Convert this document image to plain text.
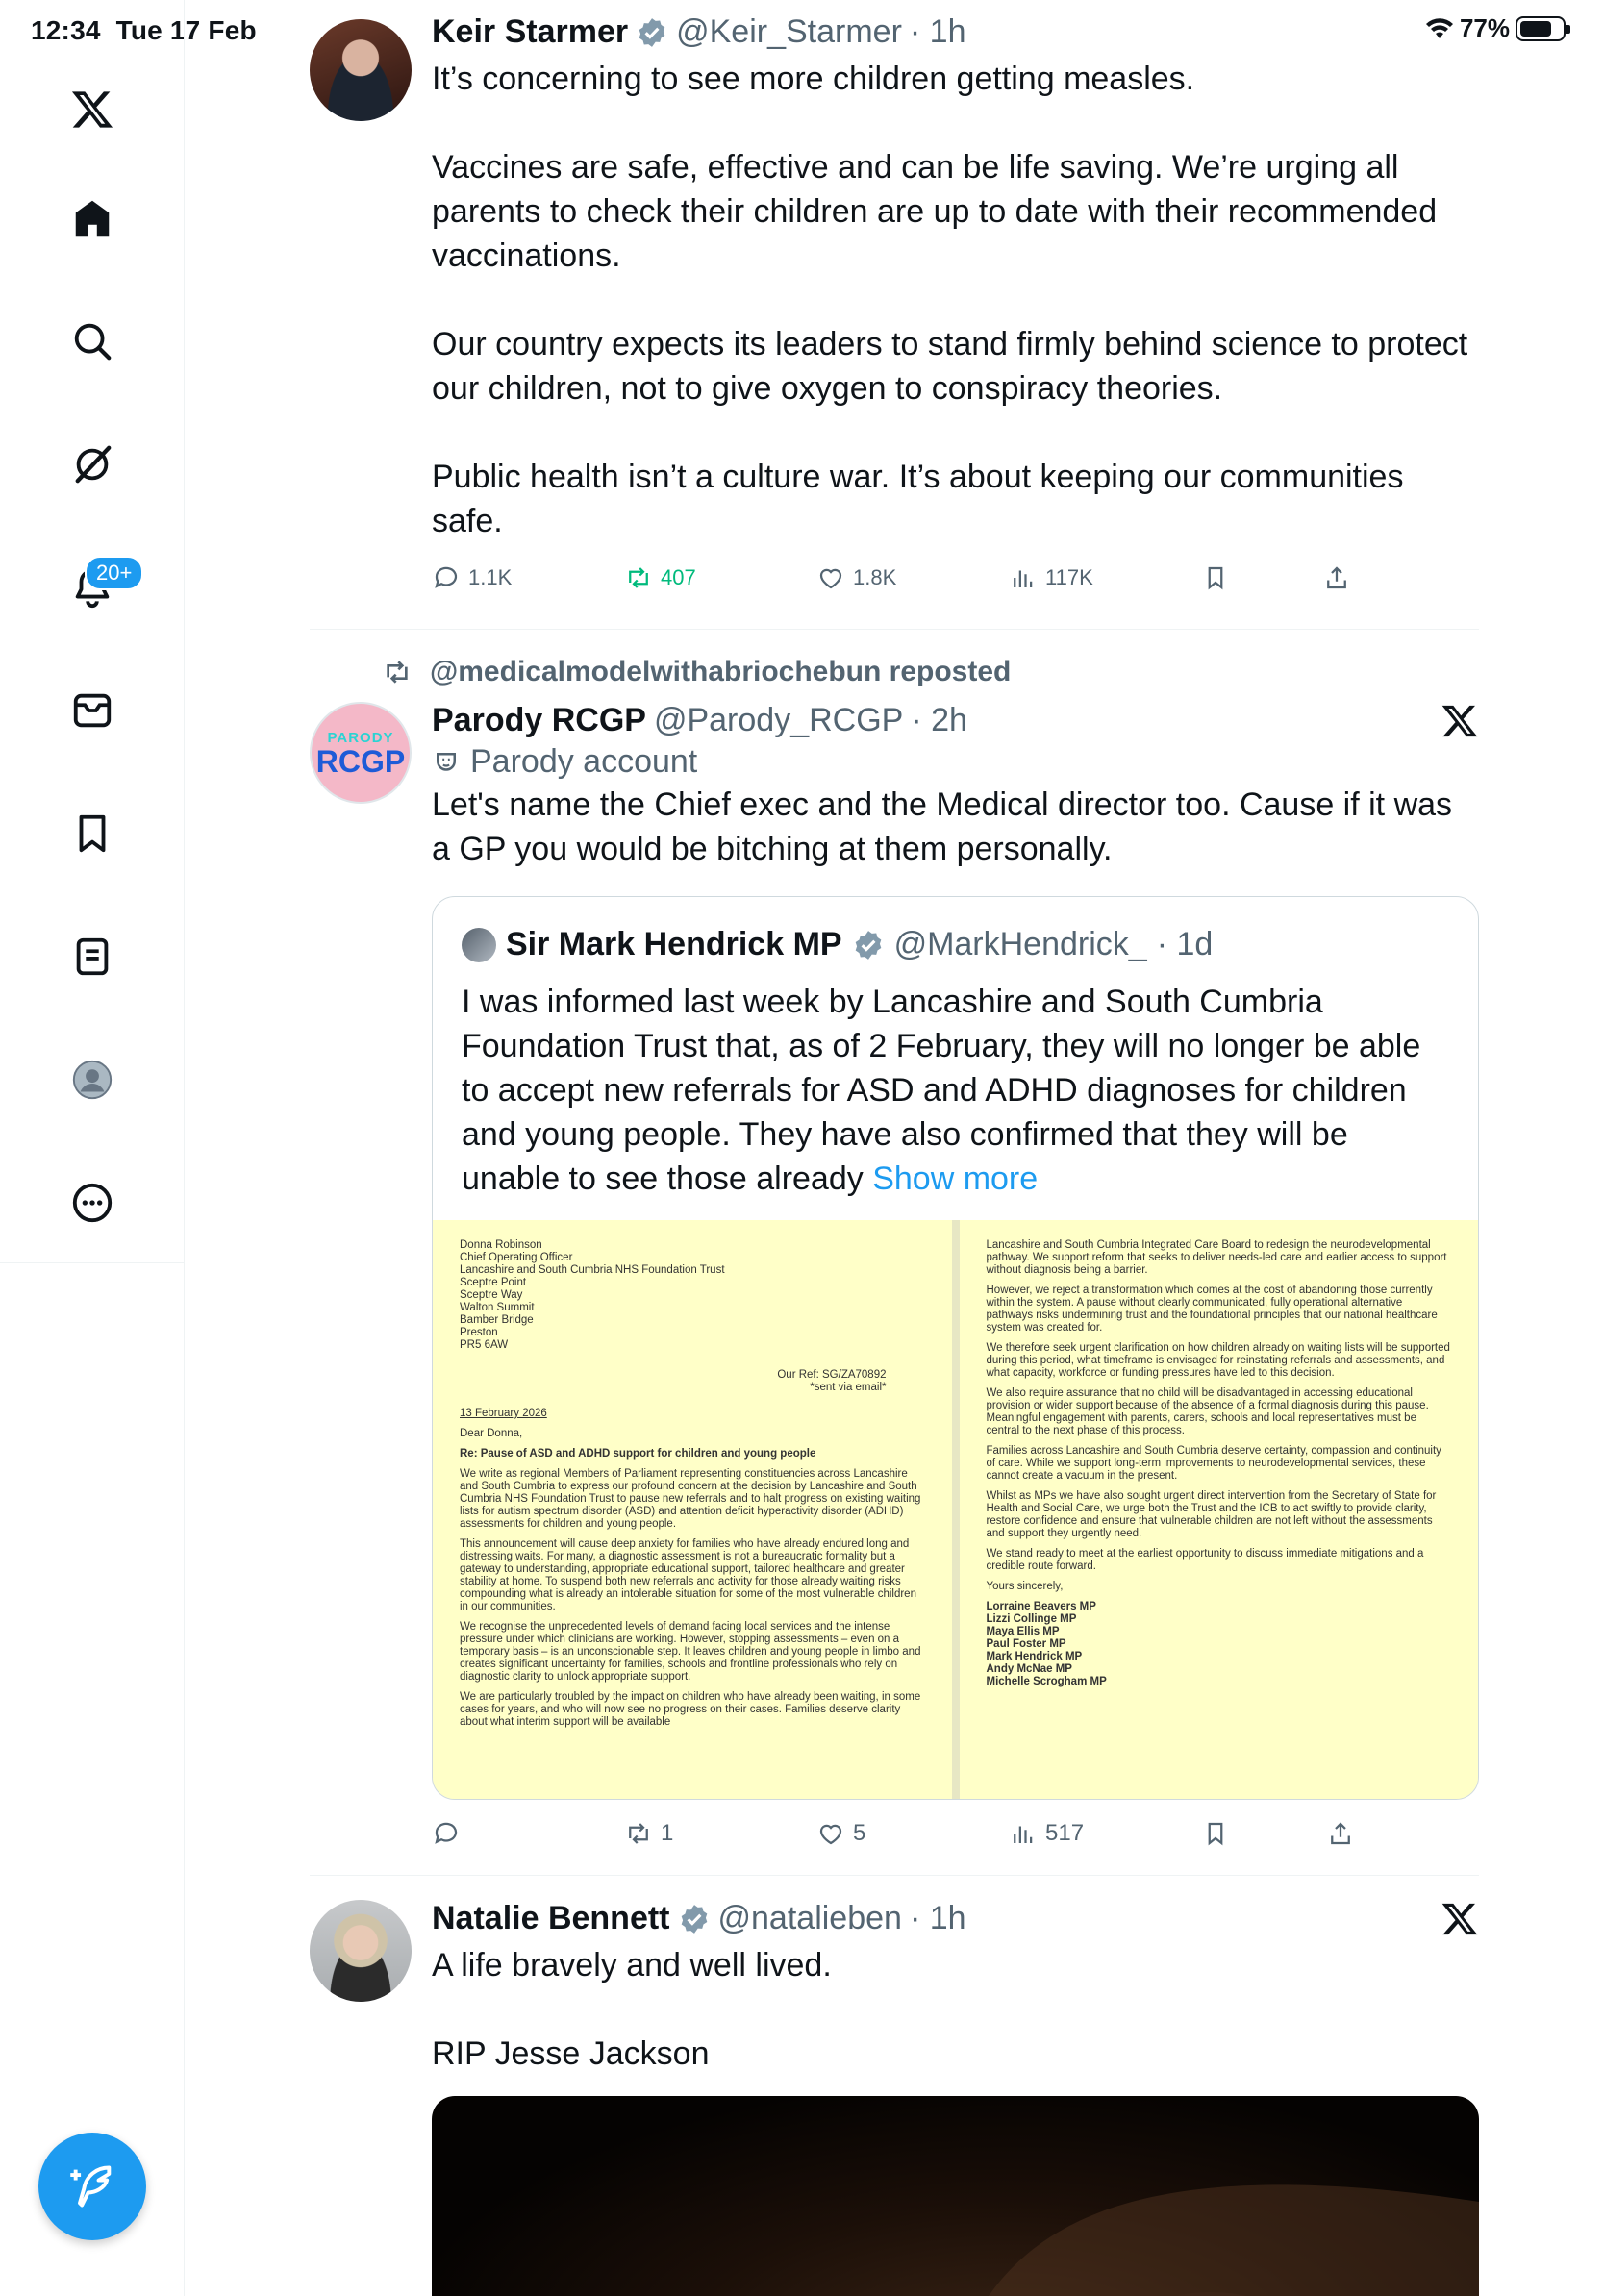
12:34 Tue 17 Feb	77%
20+
Keir Starmer @Keir_Starmer · 1h
It’s concerning to see more children getting measles.

Vaccines are safe, effective and can be life saving. We’re urging all parents to check their children are up to date with their recommended vaccinations.

Our country expects its leaders to stand firmly behind science to protect our children, not to give oxygen to conspiracy theories.

Public health isn’t a culture war. It’s about keeping our communities safe.
1.1K	407	1.8K	117K
@medicalmodelwithabriochebun reposted
PARODY
RCGP
Parody RCGP @Parody_RCGP · 2h
Parody account
Let's name the Chief exec and the Medical director too. Cause if it was a GP you would be bitching at them personally.
Sir Mark Hendrick MP @MarkHendrick_ · 1d
I was informed last week by Lancashire and South Cumbria Foundation Trust that, as of 2 February, they will no longer be able to accept new referrals for ASD and ADHD diagnoses for children and young people. They have also confirmed that they will be unable to see those already Show more
Donna Robinson
Chief Operating Officer
Lancashire and South Cumbria NHS Foundation Trust
Sceptre Point
Sceptre Way
Walton Summit
Bamber Bridge
Preston
PR5 6AW
Our Ref: SG/ZA70892
*sent via email*

13 February 2026

Dear Donna,

Re: Pause of ASD and ADHD support for children and young people

We write as regional Members of Parliament representing constituencies across Lancashire and South Cumbria to express our profound concern at the decision by Lancashire and South Cumbria NHS Foundation Trust to pause new referrals and to halt progress on existing waiting lists for autism spectrum disorder (ASD) and attention deficit hyperactivity disorder (ADHD) assessments for children and young people.

This announcement will cause deep anxiety for families who have already endured long and distressing waits. For many, a diagnostic assessment is not a bureaucratic formality but a gateway to understanding, appropriate educational support, tailored healthcare and greater stability at home. To suspend both new referrals and activity for those already waiting risks compounding what is already an intolerable situation for some of the most vulnerable children in our communities.

We recognise the unprecedented levels of demand facing local services and the intense pressure under which clinicians are working. However, stopping assessments – even on a temporary basis – is an unconscionable step. It leaves children and young people in limbo and creates significant uncertainty for families, schools and frontline professionals who rely on diagnostic clarity to unlock appropriate support.

We are particularly troubled by the impact on children who have already been waiting, in some cases for years, and who will now see no progress on their cases. Families deserve clarity about what interim support will be available

Lancashire and South Cumbria Integrated Care Board to redesign the neurodevelopmental pathway. We support reform that seeks to deliver needs-led care and earlier access to support without diagnosis being a barrier.

However, we reject a transformation which comes at the cost of abandoning those currently within the system. A pause without clearly communicated, fully operational alternative pathways risks undermining trust and the foundational principles that our national healthcare system was created for.

We therefore seek urgent clarification on how children already on waiting lists will be supported during this period, what timeframe is envisaged for reinstating referrals and assessments, and what capacity, workforce or funding pressures have led to this decision.

We also require assurance that no child will be disadvantaged in accessing educational provision or wider support because of the absence of a formal diagnosis during this pause. Meaningful engagement with parents, carers, schools and local representatives must be central to the next phase of this process.

Families across Lancashire and South Cumbria deserve certainty, compassion and continuity of care. While we support long-term improvements to neurodevelopmental services, these cannot create a vacuum in the present.

Whilst as MPs we have also sought urgent direct intervention from the Secretary of State for Health and Social Care, we urge both the Trust and the ICB to act swiftly to provide clarity, restore confidence and ensure that vulnerable children are not left without the assessments and support they urgently need.

We stand ready to meet at the earliest opportunity to discuss immediate mitigations and a credible route forward.

Yours sincerely,

Lorraine Beavers MP
Lizzi Collinge MP
Maya Ellis MP
Paul Foster MP
Mark Hendrick MP
Andy McNae MP
Michelle Scrogham MP

1	5	517
Natalie Bennett @natalieben · 1h
A life bravely and well lived.

RIP Jesse Jackson
